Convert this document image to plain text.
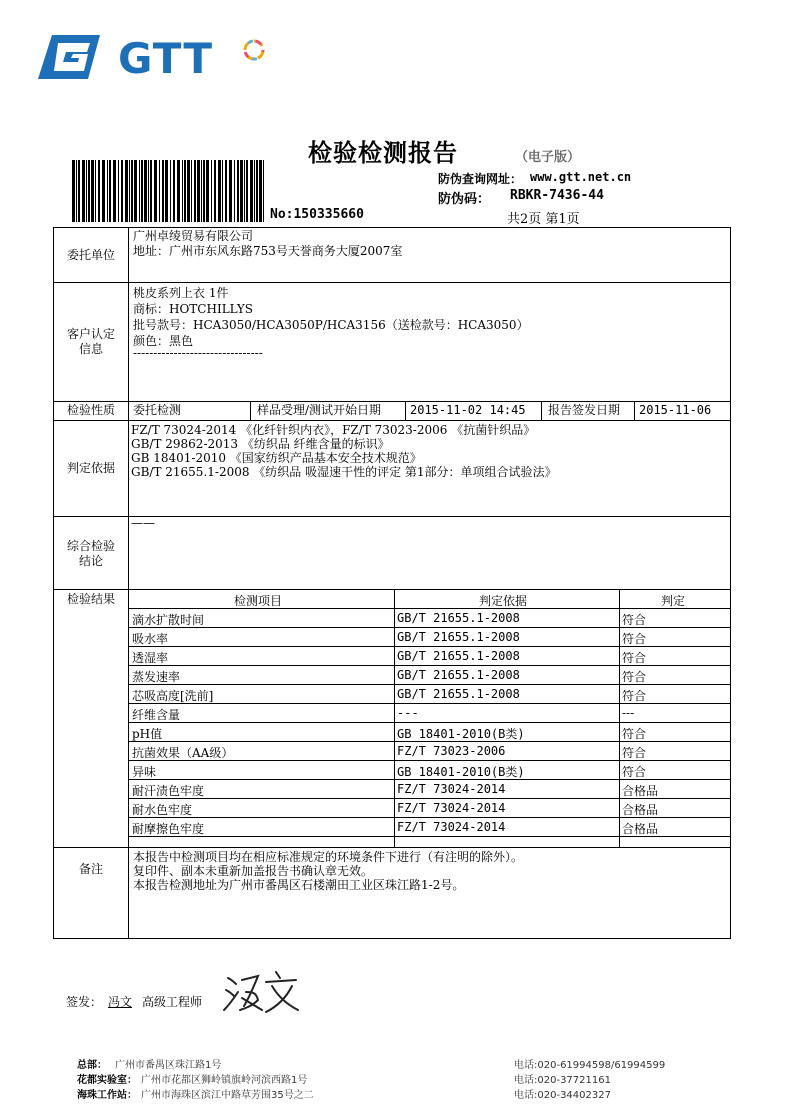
GTT
检验检测报告	（电子版）
No:150335660
防伪查询网址： www.gtt.net.cn
防伪码： RBKR-7436-44
共2页 第1页
委托单位
广州卓绫贸易有限公司
地址：广州市东风东路753号天誉商务大厦2007室
客户认定
信息
桃皮系列上衣 1件
商标：HOTCHILLYS
批号款号：HCA3050/HCA3050P/HCA3156（送检款号：HCA3050）
颜色：黑色
--------------------------------
检验性质	委托检测	样品受理/测试开始日期 2015-11-02 14:45 报告签发日期 2015-11-06
判定依据
FZ/T 73024-2014 《化纤针织内衣》，FZ/T 73023-2006 《抗菌针织品》
GB/T 29862-2013 《纺织品 纤维含量的标识》
GB 18401-2010 《国家纺织产品基本安全技术规范》
GB/T 21655.1-2008 《纺织品 吸湿速干性的评定 第1部分：单项组合试验法》
综合检验
结论
——
检验结果	检测项目	判定依据	判定
滴水扩散时间	GB/T 21655.1-2008	符合
吸水率	GB/T 21655.1-2008	符合
透湿率	GB/T 21655.1-2008	符合
蒸发速率	GB/T 21655.1-2008	符合
芯吸高度[洗前]	GB/T 21655.1-2008	符合
纤维含量	---	---
pH值	GB 18401-2010(B类)	符合
抗菌效果（AA级）	FZ/T 73023-2006	符合
异味	GB 18401-2010(B类)	符合
耐汗渍色牢度	FZ/T 73024-2014	合格品
耐水色牢度	FZ/T 73024-2014	合格品
耐摩擦色牢度	FZ/T 73024-2014	合格品
备注
本报告中检测项目均在相应标准规定的环境条件下进行（有注明的除外）。
复印件、副本未重新加盖报告书确认章无效。
本报告检测地址为广州市番禺区石楼潮田工业区珠江路1-2号。
签发： 冯文 高级工程师
总部： 广州市番禺区珠江路1号
花都实验室： 广州市花都区狮岭镇旗岭河滨西路1号
海珠工作站： 广州市海珠区滨江中路草芳围35号之二
电话:020-61994598/61994599
电话:020-37721161
电话:020-34402327
